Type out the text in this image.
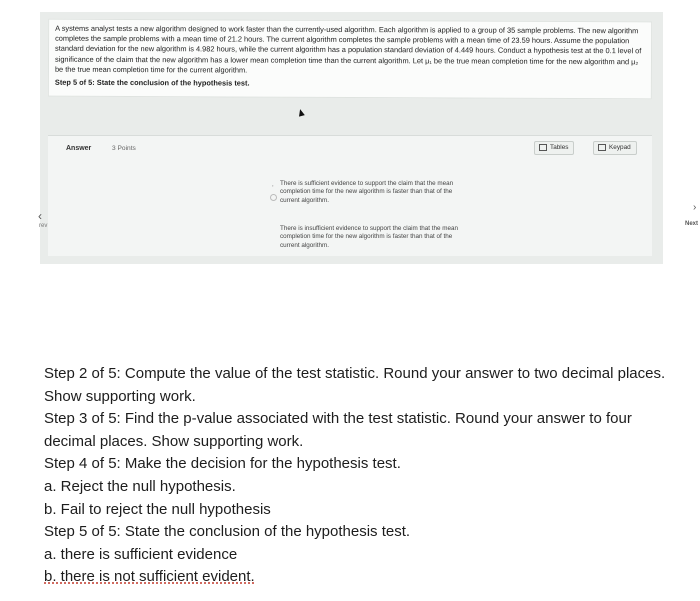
A systems analyst tests a new algorithm designed to work faster than the currently-used algorithm. Each algorithm is applied to a group of 35 sample problems. The new algorithm completes the sample problems with a mean time of 21.2 hours. The current algorithm completes the sample problems with a mean time of 23.59 hours. Assume the population standard deviation for the new algorithm is 4.982 hours, while the current algorithm has a population standard deviation of 4.449 hours. Conduct a hypothesis test at the 0.1 level of significance of the claim that the new algorithm has a lower mean completion time than the current algorithm. Let μ₁ be the true mean completion time for the new algorithm and μ₂ be the true mean completion time for the current algorithm.
Step 5 of 5: State the conclusion of the hypothesis test.
Answer	3 Points	Tables	Keypad
, There is sufficient evidence to support the claim that the mean completion time for the new algorithm is faster than that of the current algorithm.
There is insufficient evidence to support the claim that the mean completion time for the new algorithm is faster than that of the current algorithm.
‹
rev
›
Next
Step 2 of 5: Compute the value of the test statistic. Round your answer to two decimal places. Show supporting work.
Step 3 of 5: Find the p-value associated with the test statistic. Round your answer to four decimal places. Show supporting work.
Step 4 of 5: Make the decision for the hypothesis test.
a. Reject the null hypothesis.
b. Fail to reject the null hypothesis
Step 5 of 5: State the conclusion of the hypothesis test.
a. there is sufficient evidence
b. there is not sufficient evident.
